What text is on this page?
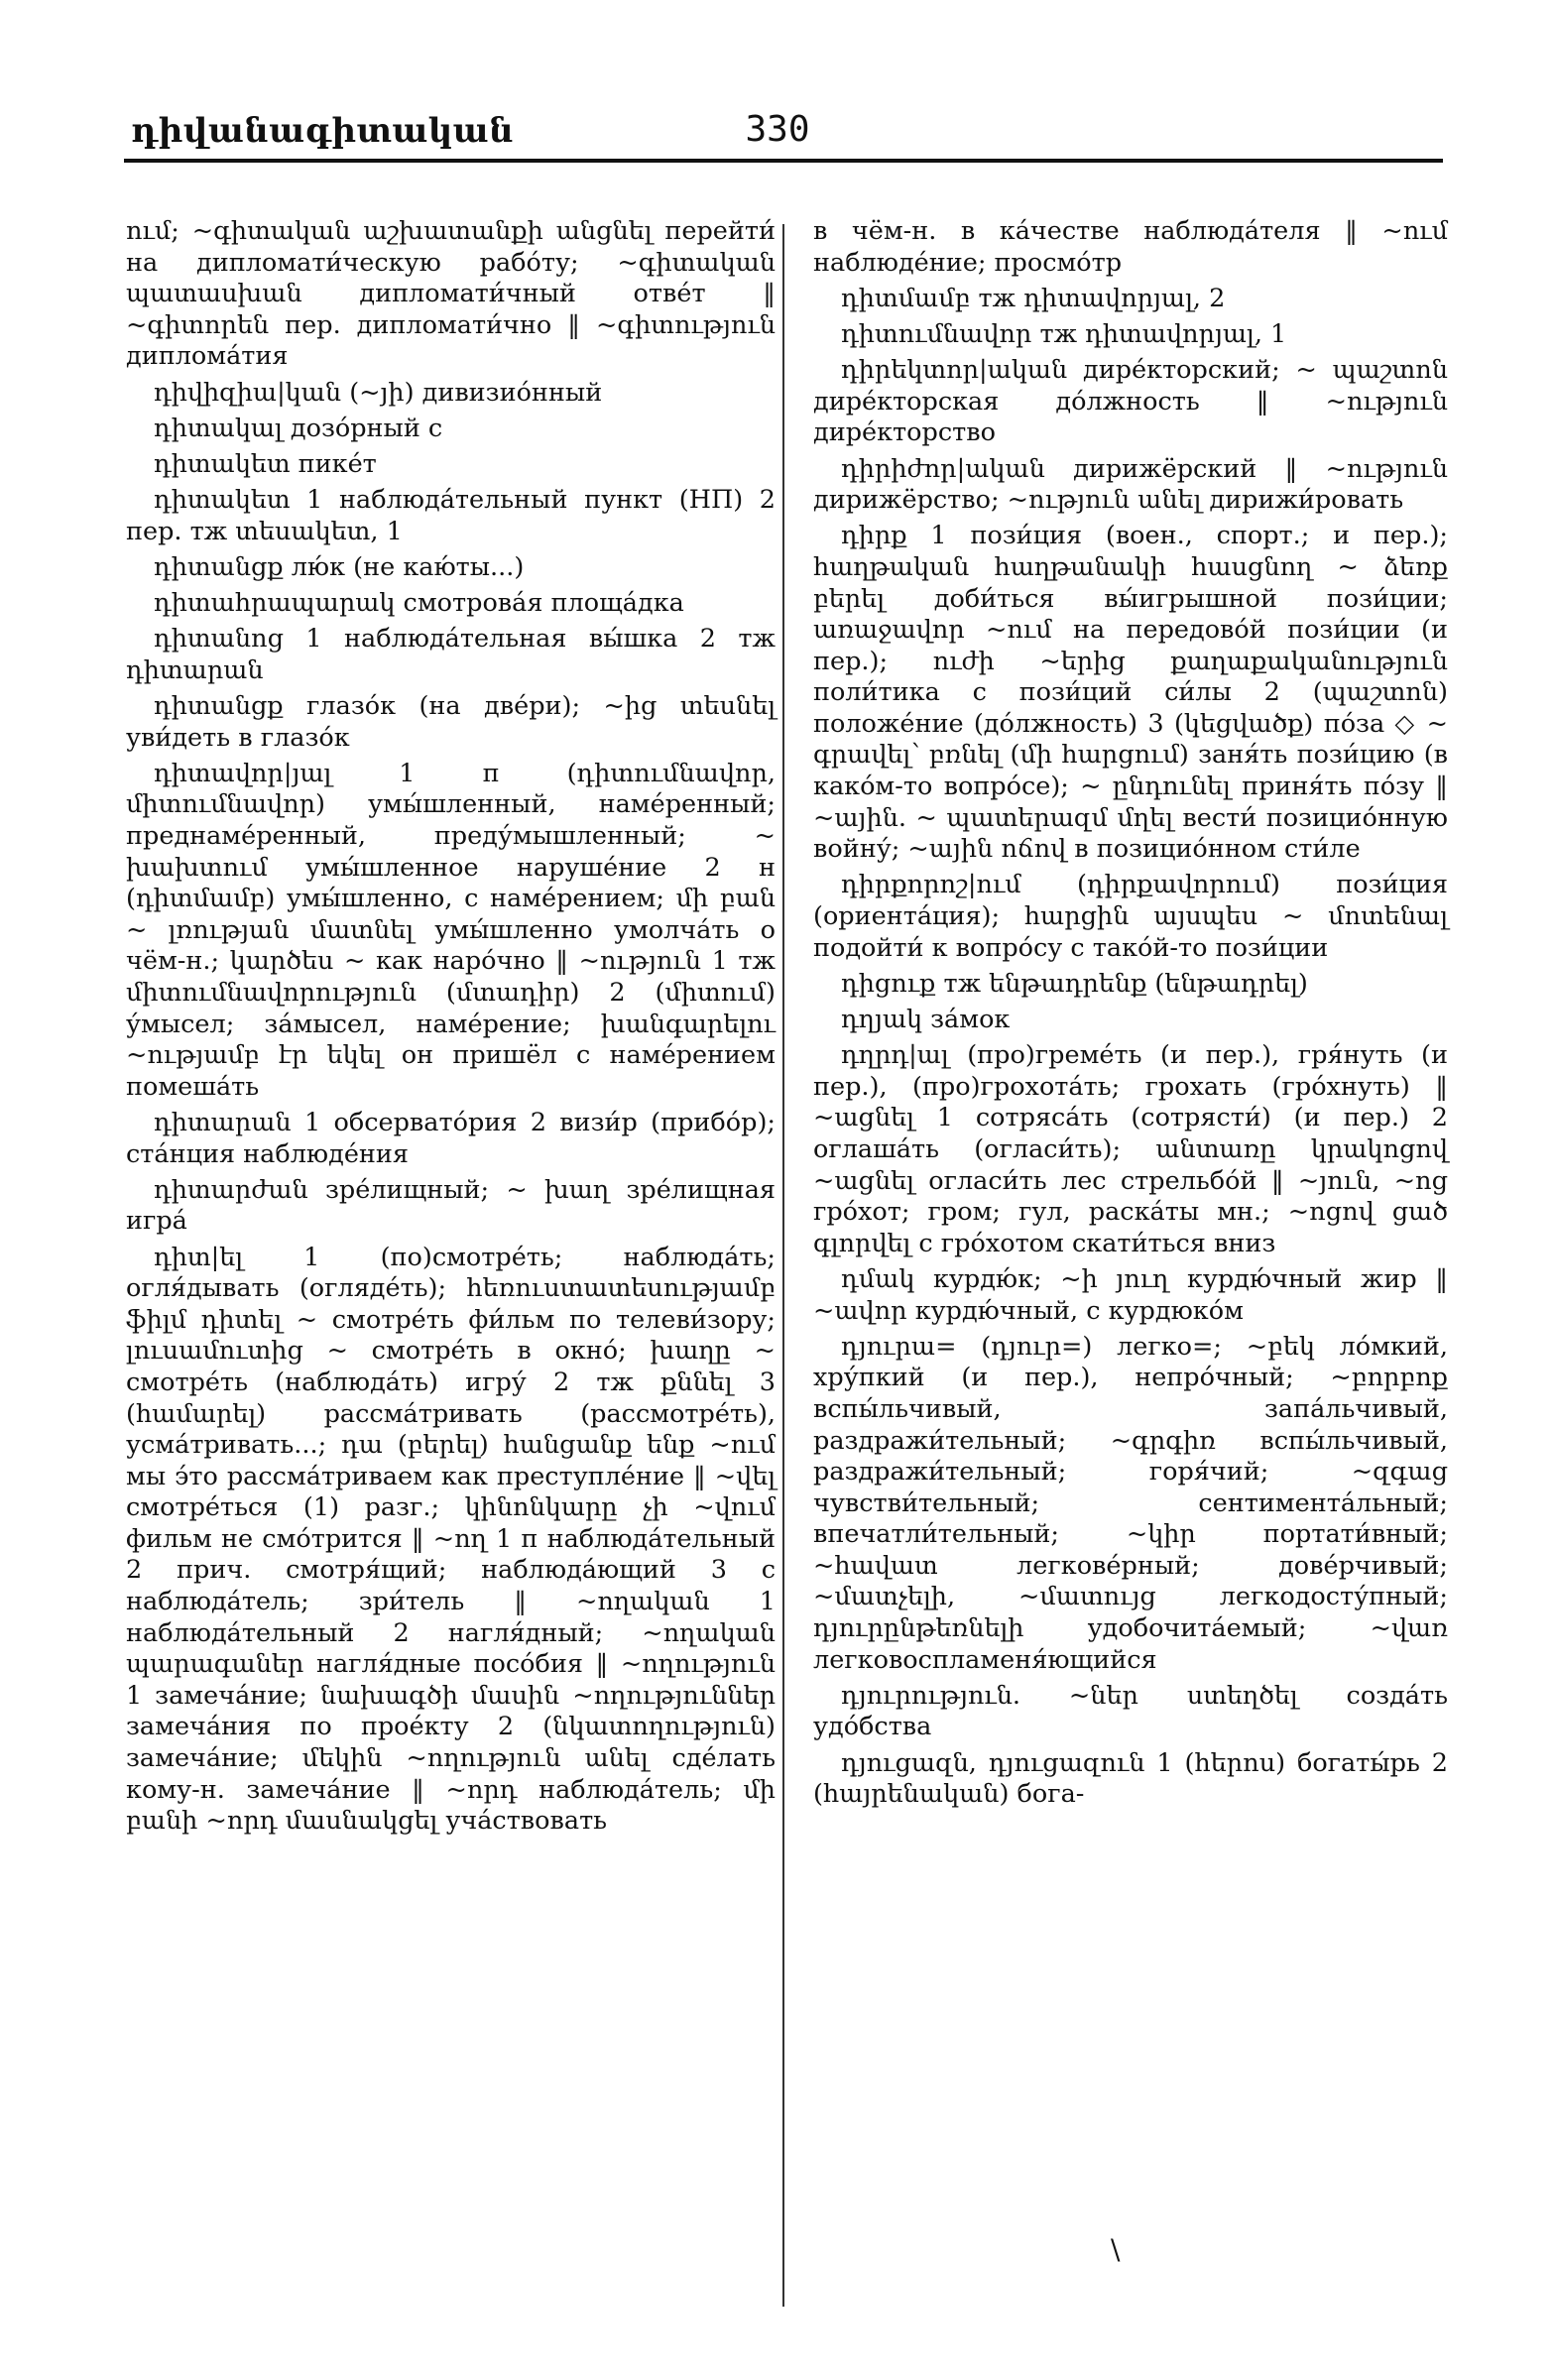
դիվանագիտական	330

ում; ~գիտական աշխատանքի անցնել перейти́ на дипломати́ческую рабо́ту; ~գիտական պատասխան дипломати́чный отве́т ‖ ~գիտորեն пер. дипломати́чно ‖ ~գիտություն диплома́тия

դիվիզիա|կան (~յի) дивизио́нный

դիտակալ дозо́рный с

դիտակետ пике́т

դիտակետ 1 наблюда́тельный пункт (НП) 2 пер. тж տեսակետ, 1

դիտանցք лю́к (не каю́ты...)

դիտահրապարակ смотрова́я площа́дка

դիտանոց 1 наблюда́тельная вы́шка 2 тж դիտարան

դիտանցք глазо́к (на две́ри); ~ից տեսնել уви́деть в глазо́к

դիտավոր|յալ 1 п (դիտումնավոր, միտումնավոր) умы́шленный, наме́ренный; преднаме́ренный, преду́мышленный; ~ խախտում умы́шленное наруше́ние 2 н (դիտմամբ) умы́шленно, с наме́рением; մի բան ~ լռության մատնել умы́шленно умолча́ть о чём-н.; կարծես ~ как наро́чно ‖ ~ություն 1 тж միտումնավորություն (մտադիր) 2 (միտում) у́мысел; за́мысел, наме́рение; խանգարելու ~ությամբ էր եկել он пришёл с наме́рением помеша́ть

դիտարան 1 обсервато́рия 2 визи́р (прибо́р); ста́нция наблюде́ния

դիտարժան зре́лищный; ~ խաղ зре́лищная игра́

դիտ|ել 1 (по)смотре́ть; наблюда́ть; огля́дывать (огляде́ть); հեռուստատեսությամբ ֆիլմ դիտել ~ смотре́ть фи́льм по телеви́зору; լուսամուտից ~ смотре́ть в окно́; խաղը ~ смотре́ть (наблюда́ть) игру́ 2 тж քննել 3 (համարել) рассма́тривать (рассмотре́ть), усма́тривать...; դա (բերել) հանցանք ենք ~ում мы э́то рассма́триваем как преступле́ние ‖ ~վել смотре́ться (1) разг.; կինոնկարը չի ~վում фильм не смо́трится ‖ ~ող 1 п наблюда́тельный 2 прич. смотря́щий; наблюда́ющий 3 с наблюда́тель; зри́тель ‖ ~ողական 1 наблюда́тельный 2 нагля́дный; ~ողական պարագաներ нагля́дные посо́бия ‖ ~ողություն 1 замеча́ние; նախագծի մասին ~ողություններ замеча́ния по прое́кту 2 (նկատողություն) замеча́ние; մեկին ~ողություն անել сде́лать кому-н. замеча́ние ‖ ~որդ наблюда́тель; մի բանի ~որդ մասնակցել уча́ствовать

в чём-н. в ка́честве наблюда́теля ‖ ~ում наблюде́ние; просмо́тр

դիտմամբ тж դիտավորյալ, 2

դիտումնավոր тж դիտավորյալ, 1

դիրեկտոր|ական дире́кторский; ~ պաշտոն дире́кторская до́лжность ‖ ~ություն дире́кторство

դիրիժոր|ական дирижёрский ‖ ~ություն дирижёрство; ~ություն անել дирижи́ровать

դիրք 1 пози́ция (воен., спорт.; и пер.); հաղթական հաղթանակի հասցնող ~ ձեռք բերել доби́ться вы́игрышной пози́ции; առաջավոր ~ում на передово́й пози́ции (и пер.); ուժի ~երից քաղաքականություն поли́тика с пози́ций си́лы 2 (պաշտոն) положе́ние (до́лжность) 3 (կեցվածք) по́за ◇ ~ գրավել՝ բռնել (մի հարցում) заня́ть пози́цию (в како́м-то вопро́се); ~ ընդունել приня́ть по́зу ‖ ~ային. ~ պատերազմ մղել вести́ позицио́нную войну́; ~ային ոճով в позицио́нном сти́ле

դիրքորոշ|ում (դիրքավորում) пози́ция (ориента́ция); հարցին այսպես ~ մոտենալ подойти́ к вопро́су с тако́й-то пози́ции

դիցուք тж ենթադրենք (ենթադրել)

դղյակ за́мок

դղրդ|ալ (про)греме́ть (и пер.), гря́нуть (и пер.), (про)грохота́ть; грохать (гро́хнуть) ‖ ~ացնել 1 сотряса́ть (сотрясти́) (и пер.) 2 оглаша́ть (огласи́ть); անտառը կրակոցով ~ացնել огласи́ть лес стрельбо́й ‖ ~յուն, ~ոց гро́хот; гром; гул, раска́ты мн.; ~ոցով ցած գլորվել с гро́хотом скати́ться вниз

դմակ курдю́к; ~ի յուղ курдю́чный жир ‖ ~ավոր курдю́чный, с курдюко́м

դյուրա= (դյուր=) легко=; ~բեկ ло́мкий, хру́пкий (и пер.), непро́чный; ~բորբոք вспы́льчивый, запа́льчивый, раздражи́тельный; ~գրգիռ вспы́льчивый, раздражи́тельный; горя́чий; ~զգաց чувстви́тельный; сентимента́льный; впечатли́тельный; ~կիր портати́вный; ~հավատ легкове́рный; дове́рчивый; ~մատչելի, ~մատույց легкодосту́пный; դյուրընթեռնելի удобочита́емый; ~վառ легковоспламеня́ющийся

դյուրություն. ~ներ ստեղծել созда́ть удо́бства

դյուցազն, դյուցազուն 1 (հերոս) богаты́рь 2 (հայրենական) бога-

\
